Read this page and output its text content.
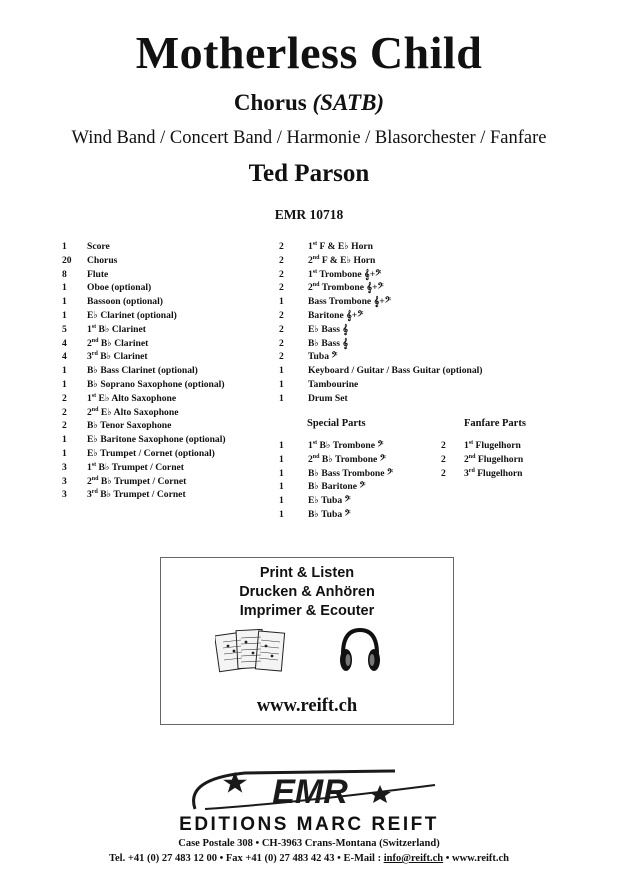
Motherless Child
Chorus (SATB)
Wind Band / Concert Band / Harmonie / Blasorchester / Fanfare
Ted Parson
EMR 10718
1	Score
20	Chorus
8	Flute
1	Oboe (optional)
1	Bassoon (optional)
1	E♭ Clarinet (optional)
5	1st B♭ Clarinet
4	2nd B♭ Clarinet
4	3rd B♭ Clarinet
1	B♭ Bass Clarinet (optional)
1	B♭ Soprano Saxophone (optional)
2	1st E♭ Alto Saxophone
2	2nd E♭ Alto Saxophone
2	B♭ Tenor Saxophone
1	E♭ Baritone Saxophone (optional)
1	E♭ Trumpet / Cornet (optional)
3	1st B♭ Trumpet / Cornet
3	2nd B♭ Trumpet / Cornet
3	3rd B♭ Trumpet / Cornet
2	1st F & E♭ Horn
2	2nd F & E♭ Horn
2	1st Trombone 𝄞+𝄢
2	2nd Trombone 𝄞+𝄢
1	Bass Trombone 𝄞+𝄢
2	Baritone 𝄞+𝄢
2	E♭ Bass 𝄞
2	B♭ Bass 𝄞
2	Tuba 𝄢
1	Keyboard / Guitar / Bass Guitar (optional)
1	Tambourine
1	Drum Set
Special Parts	Fanfare Parts
1	1st B♭ Trombone 𝄢
1	2nd B♭ Trombone 𝄢
1	B♭ Bass Trombone 𝄢
1	B♭ Baritone 𝄢
1	E♭ Tuba 𝄢
1	B♭ Tuba 𝄢
2	1st Flugelhorn
2	2nd Flugelhorn
2	3rd Flugelhorn
Print & Listen
Drucken & Anhören
Imprimer & Ecouter
www.reift.ch
EMR
EDITIONS MARC REIFT
Case Postale 308 • CH-3963 Crans-Montana (Switzerland)
Tel. +41 (0) 27 483 12 00 • Fax +41 (0) 27 483 42 43 • E-Mail : info@reift.ch • www.reift.ch
